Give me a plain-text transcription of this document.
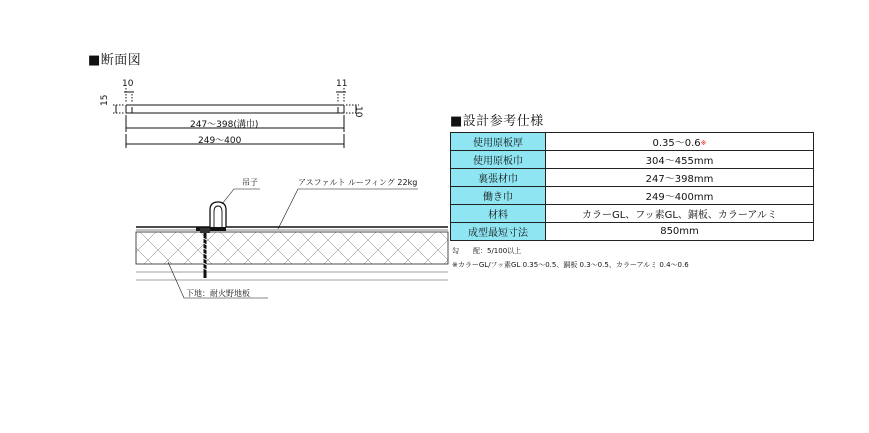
■断面図
■設計参考仕様
10	11
15
10
247～398(溝巾)
249～400
吊子	アスファルト ルーフィング 22kg
下地：耐火野地板
使用原板厚	0.35～0.6※
使用原板巾	304～455mm
裏張材巾	247～398mm
働き巾	249～400mm
材料	カラーGL、フッ素GL、銅板、カラーアルミ
成型最短寸法	850mm
勾　　配：5/100以上
※カラーGL/フッ素GL 0.35～0.5、銅板 0.3～0.5、カラーアルミ 0.4～0.6
